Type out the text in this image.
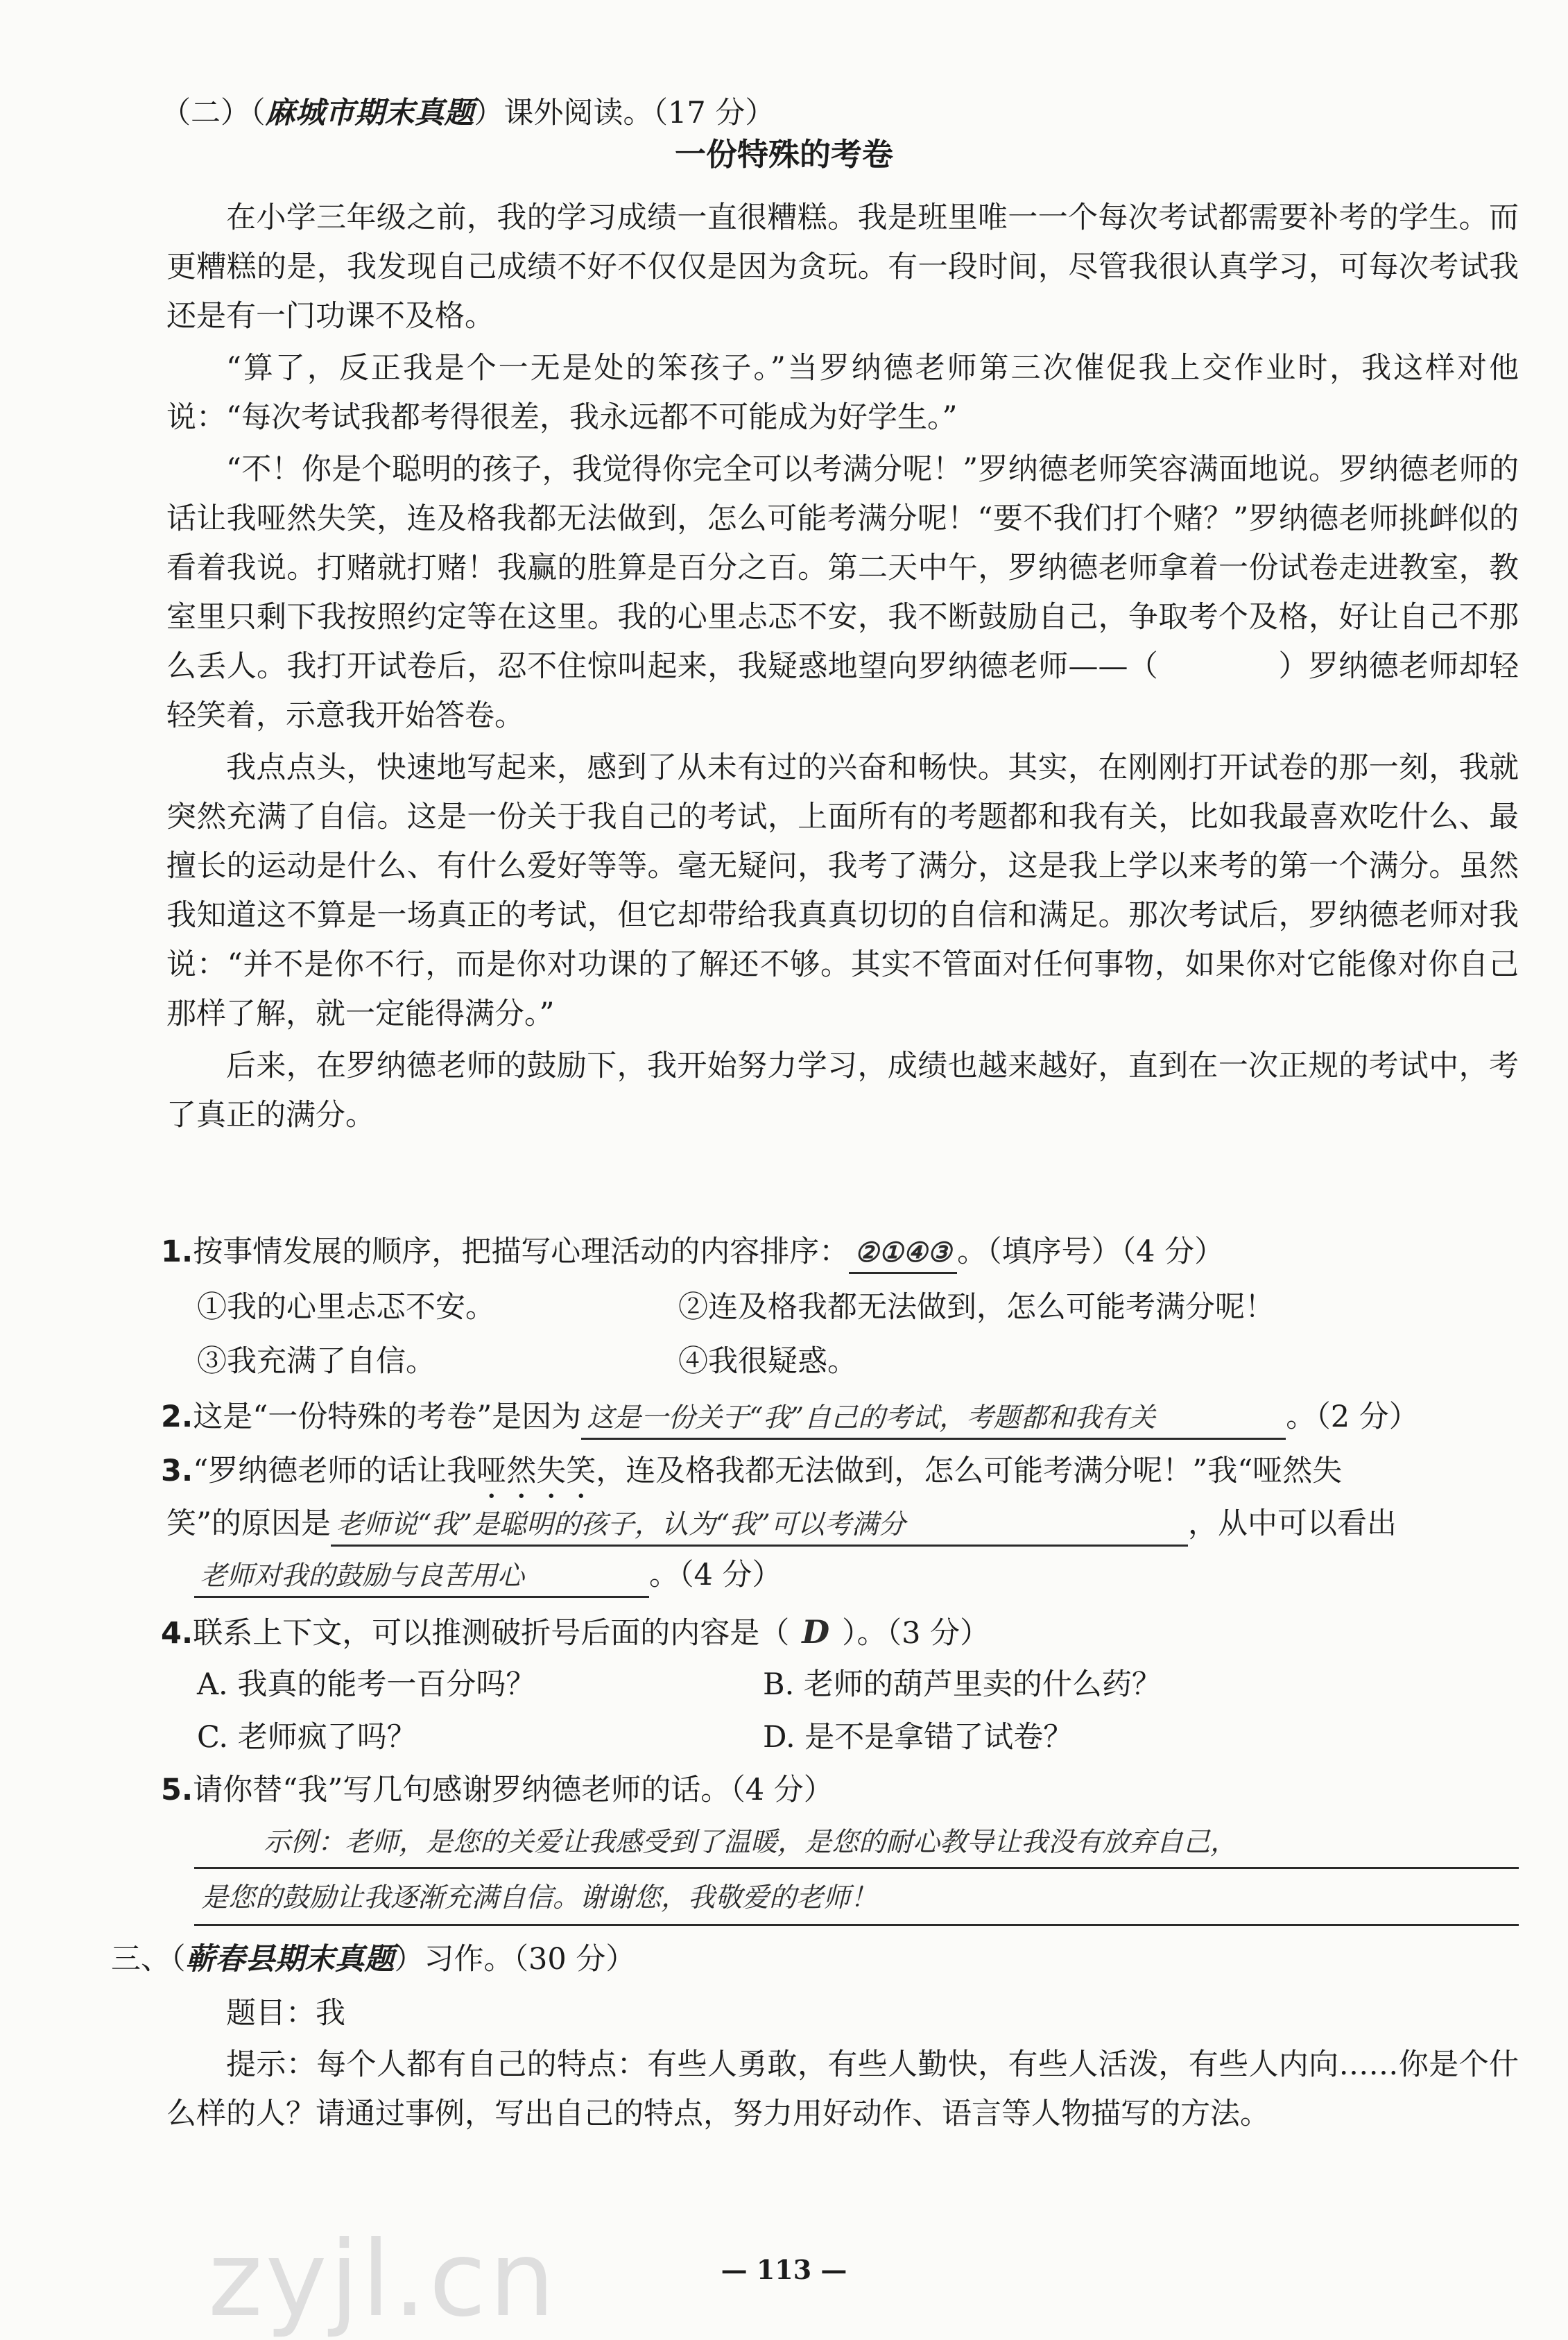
（二）（麻城市期末真题）课外阅读。（17 分）
一份特殊的考卷

在小学三年级之前，我的学习成绩一直很糟糕。我是班里唯一一个每次考试都需要补考的学生。而更糟糕的是，我发现自己成绩不好不仅仅是因为贪玩。有一段时间，尽管我很认真学习，可每次考试我还是有一门功课不及格。

“算了，反正我是个一无是处的笨孩子。”当罗纳德老师第三次催促我上交作业时，我这样对他说：“每次考试我都考得很差，我永远都不可能成为好学生。”

“不！你是个聪明的孩子，我觉得你完全可以考满分呢！”罗纳德老师笑容满面地说。罗纳德老师的话让我哑然失笑，连及格我都无法做到，怎么可能考满分呢！“要不我们打个赌？”罗纳德老师挑衅似的看着我说。打赌就打赌！我赢的胜算是百分之百。第二天中午，罗纳德老师拿着一份试卷走进教室，教室里只剩下我按照约定等在这里。我的心里忐忑不安，我不断鼓励自己，争取考个及格，好让自己不那么丢人。我打开试卷后，忍不住惊叫起来，我疑惑地望向罗纳德老师——（　　　　）罗纳德老师却轻轻笑着，示意我开始答卷。

我点点头，快速地写起来，感到了从未有过的兴奋和畅快。其实，在刚刚打开试卷的那一刻，我就突然充满了自信。这是一份关于我自己的考试，上面所有的考题都和我有关，比如我最喜欢吃什么、最擅长的运动是什么、有什么爱好等等。毫无疑问，我考了满分，这是我上学以来考的第一个满分。虽然我知道这不算是一场真正的考试，但它却带给我真真切切的自信和满足。那次考试后，罗纳德老师对我说：“并不是你不行，而是你对功课的了解还不够。其实不管面对任何事物，如果你对它能像对你自己那样了解，就一定能得满分。”

后来，在罗纳德老师的鼓励下，我开始努力学习，成绩也越来越好，直到在一次正规的考试中，考了真正的满分。

1.按事情发展的顺序，把描写心理活动的内容排序： ②①④③ 。（填序号）（4 分）
①我的心里忐忑不安。	②连及格我都无法做到，怎么可能考满分呢！
③我充满了自信。	④我很疑惑。
2.这是“一份特殊的考卷”是因为 这是一份关于“我”自己的考试，考题都和我有关	。（2 分）
3.“罗纳德老师的话让我哑然失笑，连及格我都无法做到，怎么可能考满分呢！”我“哑然失
笑”的原因是 老师说“我”是聪明的孩子，认为“我”可以考满分	，从中可以看出
老师对我的鼓励与良苦用心	。（4 分）
4.联系上下文，可以推测破折号后面的内容是（ D ）。（3 分）
A. 我真的能考一百分吗？	B. 老师的葫芦里卖的什么药？
C. 老师疯了吗？	D. 是不是拿错了试卷？
5.请你替“我”写几句感谢罗纳德老师的话。（4 分）
示例：老师，是您的关爱让我感受到了温暖，是您的耐心教导让我没有放弃自己，
是您的鼓励让我逐渐充满自信。谢谢您，我敬爱的老师！
三、（蕲春县期末真题）习作。（30 分）
题目：我

提示：每个人都有自己的特点：有些人勇敢，有些人勤快，有些人活泼，有些人内向……你是个什么样的人？请通过事例，写出自己的特点，努力用好动作、语言等人物描写的方法。

zyjl.cn	— 113 —
